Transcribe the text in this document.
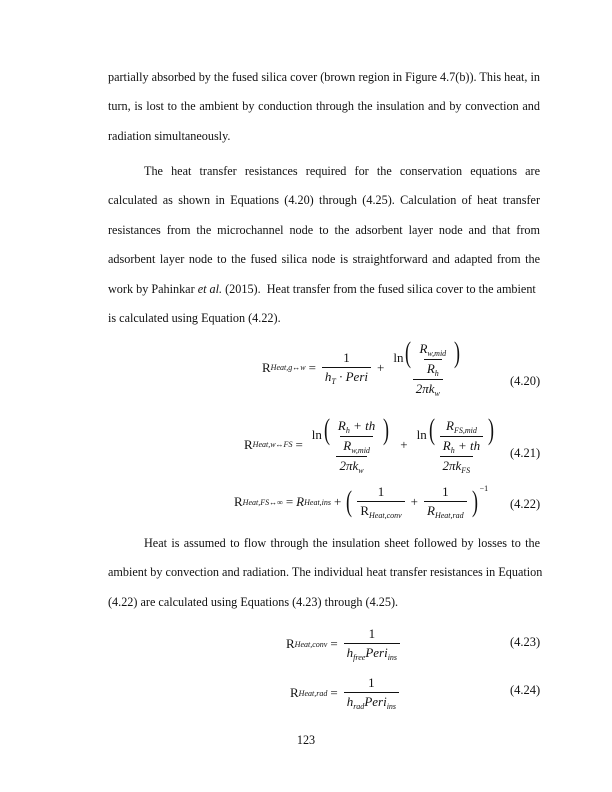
partially absorbed by the fused silica cover (brown region in Figure 4.7(b)). This heat, in
turn, is lost to the ambient by conduction through the insulation and by convection and
radiation simultaneously.
The heat transfer resistances required for the conservation equations are
calculated as shown in Equations (4.20) through (4.25). Calculation of heat transfer
resistances from the microchannel node to the adsorbent layer node and that from
adsorbent layer node to the fused silica node is straightforward and adapted from the
work by Pahinkar et al. (2015).  Heat transfer from the fused silica cover to the ambient
is calculated using Equation (4.22).
R Heat,g↔w =
1
$h_T$ · Peri
+
ln( $R_{w,mid}$
$R_h$
)
$2\pi k_w$
(4.20)
R Heat,w↔FS =
ln( $R_h$ + th
$R_{w,mid}$
)
$2\pi k_w$
+
ln( $R_{FS,mid}$
$R_h$ + th )
$2\pi k_{FS}$
(4.21)
R Heat,FS↔∞ = R Heat,ins + ( 1
$R_{Heat,conv}$
+
1
$R_{Heat,rad}$ ) $^{-1}$
(4.22)
Heat is assumed to flow through the insulation sheet followed by losses to the
ambient by convection and radiation. The individual heat transfer resistances in Equation
(4.22) are calculated using Equations (4.23) through (4.25).
R Heat,conv =
1
$h_{free}Peri_{ins}$
(4.23)
R Heat,rad =
1
$h_{rad}Peri_{ins}$
(4.24)
123
